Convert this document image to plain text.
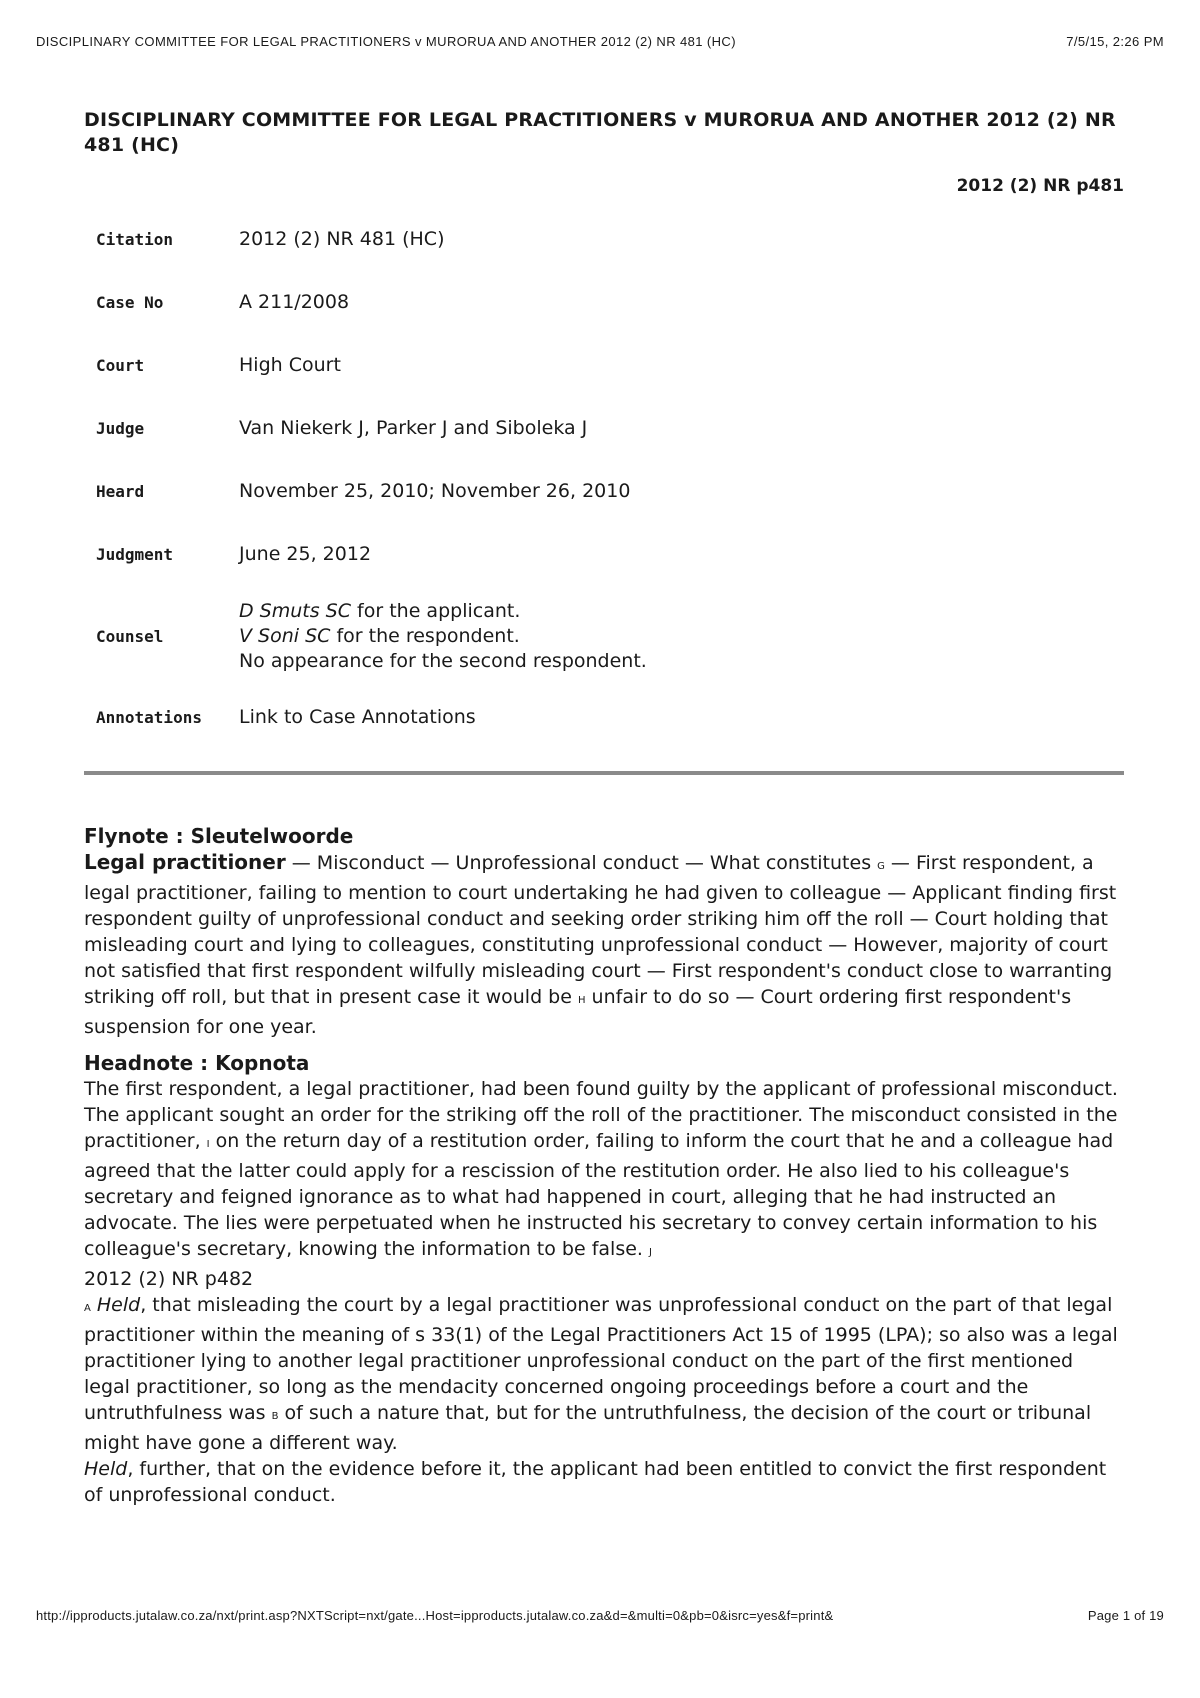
DISCIPLINARY COMMITTEE FOR LEGAL PRACTITIONERS v MURORUA AND ANOTHER 2012 (2) NR 481 (HC)	7/5/15, 2:26 PM
DISCIPLINARY COMMITTEE FOR LEGAL PRACTITIONERS v MURORUA AND ANOTHER 2012 (2) NR 481 (HC)
2012 (2) NR p481
Citation	2012 (2) NR 481 (HC)
Case No	A 211/2008
Court	High Court
Judge	Van Niekerk J, Parker J and Siboleka J
Heard	November 25, 2010; November 26, 2010
Judgment	June 25, 2012
Counsel	D Smuts SC for the applicant.
V Soni SC for the respondent.
No appearance for the second respondent.

Annotations	Link to Case Annotations
Flynote : Sleutelwoorde

Legal practitioner — Misconduct — Unprofessional conduct — What constitutes G — First respondent, a legal practitioner, failing to mention to court undertaking he had given to colleague — Applicant finding first respondent guilty of unprofessional conduct and seeking order striking him off the roll — Court holding that misleading court and lying to colleagues, constituting unprofessional conduct — However, majority of court not satisfied that first respondent wilfully misleading court — First respondent's conduct close to warranting striking off roll, but that in present case it would be H unfair to do so — Court ordering first respondent's suspension for one year.

Headnote : Kopnota

The first respondent, a legal practitioner, had been found guilty by the applicant of professional misconduct. The applicant sought an order for the striking off the roll of the practitioner. The misconduct consisted in the practitioner, I on the return day of a restitution order, failing to inform the court that he and a colleague had agreed that the latter could apply for a rescission of the restitution order. He also lied to his colleague's secretary and feigned ignorance as to what had happened in court, alleging that he had instructed an advocate. The lies were perpetuated when he instructed his secretary to convey certain information to his colleague's secretary, knowing the information to be false. J

2012 (2) NR p482

A Held, that misleading the court by a legal practitioner was unprofessional conduct on the part of that legal practitioner within the meaning of s 33(1) of the Legal Practitioners Act 15 of 1995 (LPA); so also was a legal practitioner lying to another legal practitioner unprofessional conduct on the part of the first mentioned legal practitioner, so long as the mendacity concerned ongoing proceedings before a court and the untruthfulness was B of such a nature that, but for the untruthfulness, the decision of the court or tribunal might have gone a different way.

Held, further, that on the evidence before it, the applicant had been entitled to convict the first respondent of unprofessional conduct.

http://ipproducts.jutalaw.co.za/nxt/print.asp?NXTScript=nxt/gate...Host=ipproducts.jutalaw.co.za&d=&multi=0&pb=0&isrc=yes&f=print&	Page 1 of 19
